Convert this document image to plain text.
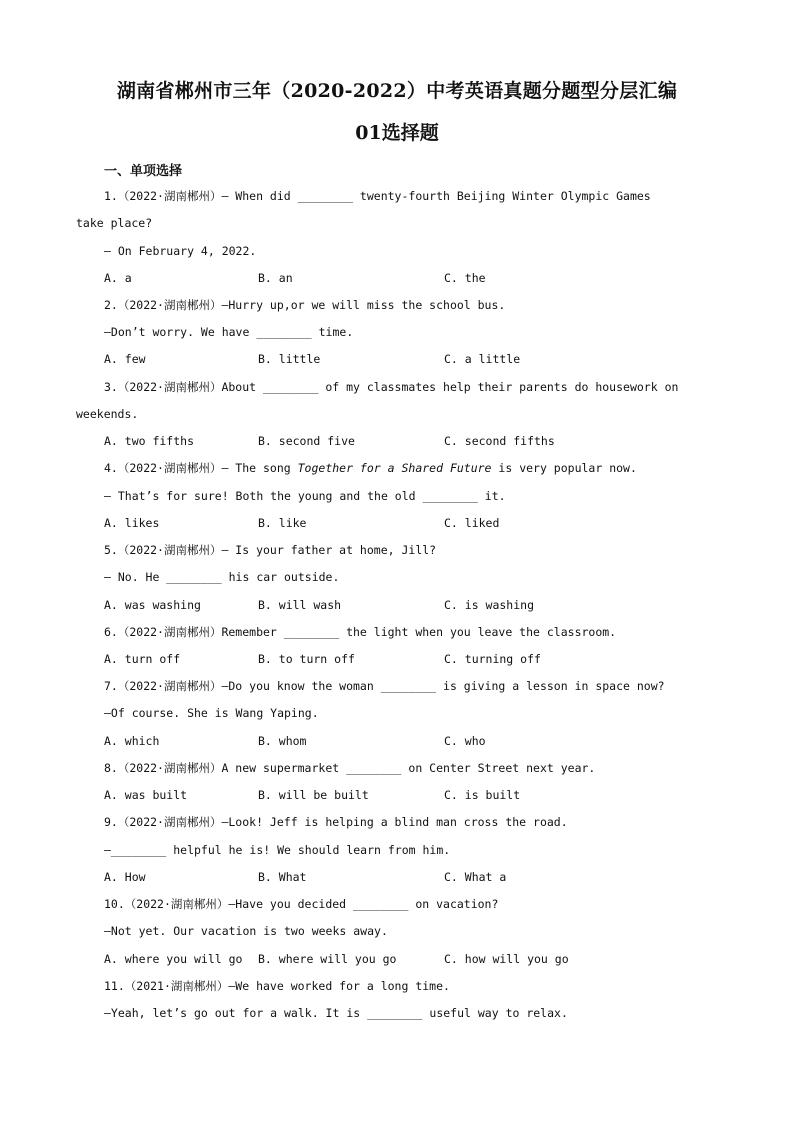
湖南省郴州市三年（2020-2022）中考英语真题分题型分层汇编
01选择题
一、单项选择
1.（2022·湖南郴州）— When did ________ twenty-fourth Beijing Winter Olympic Games
take place?
— On February 4, 2022.
A. a	B. an	C. the
2.（2022·湖南郴州）—Hurry up,or we will miss the school bus.
—Don’t worry. We have ________ time.
A. few	B. little	C. a little
3.（2022·湖南郴州）About ________ of my classmates help their parents do housework on
weekends.
A. two fifths	B. second five	C. second fifths
4.（2022·湖南郴州）— The song Together for a Shared Future is very popular now.
— That’s for sure! Both the young and the old ________ it.
A. likes	B. like	C. liked
5.（2022·湖南郴州）— Is your father at home, Jill?
— No. He ________ his car outside.
A. was washing	B. will wash	C. is washing
6.（2022·湖南郴州）Remember ________ the light when you leave the classroom.
A. turn off	B. to turn off	C. turning off
7.（2022·湖南郴州）—Do you know the woman ________ is giving a lesson in space now?
—Of course. She is Wang Yaping.
A. which	B. whom	C. who
8.（2022·湖南郴州）A new supermarket ________ on Center Street next year.
A. was built	B. will be built	C. is built
9.（2022·湖南郴州）—Look! Jeff is helping a blind man cross the road.
—________ helpful he is! We should learn from him.
A. How	B. What	C. What a
10.（2022·湖南郴州）—Have you decided ________ on vacation?
—Not yet. Our vacation is two weeks away.
A. where you will go B. where will you go	C. how will you go
11.（2021·湖南郴州）—We have worked for a long time.
—Yeah, let’s go out for a walk. It is ________ useful way to relax.
